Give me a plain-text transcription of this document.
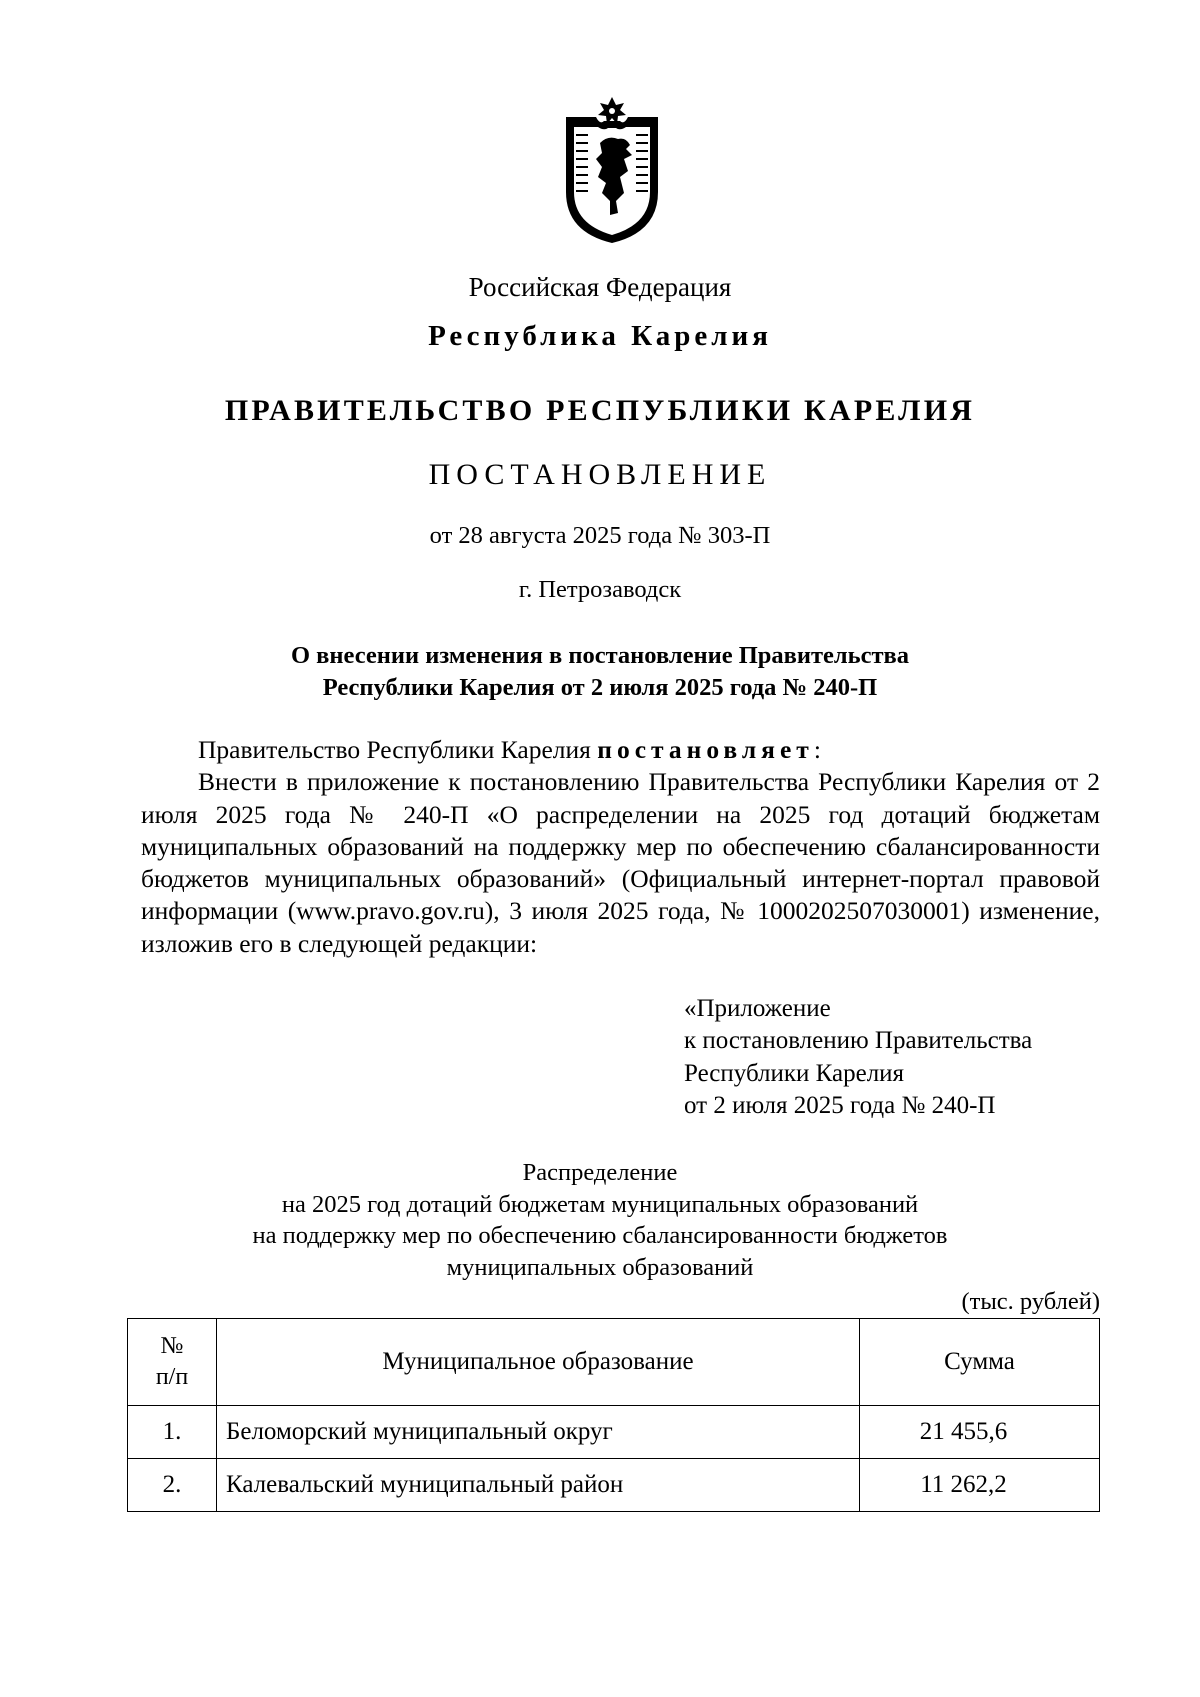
Российская Федерация
Республика Карелия
ПРАВИТЕЛЬСТВО РЕСПУБЛИКИ КАРЕЛИЯ
ПОСТАНОВЛЕНИЕ
от 28 августа 2025 года № 303-П
г. Петрозаводск
О внесении изменения в постановление Правительства
Республики Карелия от 2 июля 2025 года № 240-П

Правительство Республики Карелия постановляет:

Внести в приложение к постановлению Правительства Республики Карелия от 2 июля 2025 года № 240-П «О распределении на 2025 год дотаций бюджетам муниципальных образований на поддержку мер по обеспечению сбалансированности бюджетов муниципальных образований» (Официальный интернет-портал правовой информации (www.pravo.gov.ru), 3 июля 2025 года, № 1000202507030001) изменение, изложив его в следующей редакции:

«Приложение
к постановлению Правительства
Республики Карелия
от 2 июля 2025 года № 240-П
Распределение
на 2025 год дотаций бюджетам муниципальных образований
на поддержку мер по обеспечению сбалансированности бюджетов
муниципальных образований
(тыс. рублей)
№
п/п	Муниципальное образование	Сумма
1.	Беломорский муниципальный округ	21 455,6
2.	Калевальский муниципальный район	11 262,2
